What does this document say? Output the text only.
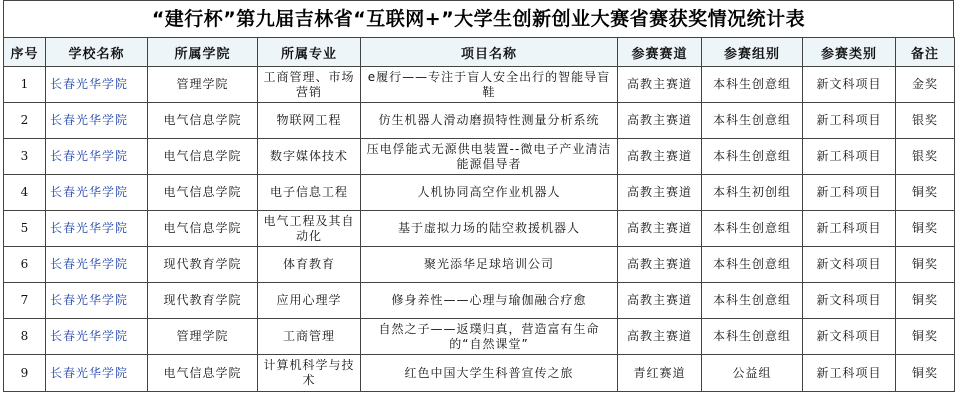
“建行杯”第九届吉林省“互联网+”大学生创新创业大赛省赛获奖情况统计表
序号	学校名称	所属学院	所属专业	项目名称	参赛赛道	参赛组别	参赛类别	备注
1	长春光华学院	管理学院	工商管理、市场营销	e履行——专注于盲人安全出行的智能导盲鞋	高教主赛道	本科生创意组	新文科项目	金奖
2	长春光华学院	电气信息学院	物联网工程	仿生机器人滑动磨损特性测量分析系统	高教主赛道	本科生创意组	新工科项目	银奖
3	长春光华学院	电气信息学院	数字媒体技术	压电俘能式无源供电装置--微电子产业清洁能源倡导者	高教主赛道	本科生创意组	新工科项目	银奖
4	长春光华学院	电气信息学院	电子信息工程	人机协同高空作业机器人	高教主赛道	本科生初创组	新工科项目	铜奖
5	长春光华学院	电气信息学院	电气工程及其自动化	基于虚拟力场的陆空救援机器人	高教主赛道	本科生创意组	新工科项目	铜奖
6	长春光华学院	现代教育学院	体育教育	聚光添华足球培训公司	高教主赛道	本科生创意组	新文科项目	铜奖
7	长春光华学院	现代教育学院	应用心理学	修身养性——心理与瑜伽融合疗愈	高教主赛道	本科生创意组	新文科项目	铜奖
8	长春光华学院	管理学院	工商管理	自然之子——返璞归真，营造富有生命的“自然课堂”	高教主赛道	本科生创意组	新文科项目	铜奖
9	长春光华学院	电气信息学院	计算机科学与技术	红色中国大学生科普宣传之旅	青红赛道	公益组	新工科项目	铜奖
